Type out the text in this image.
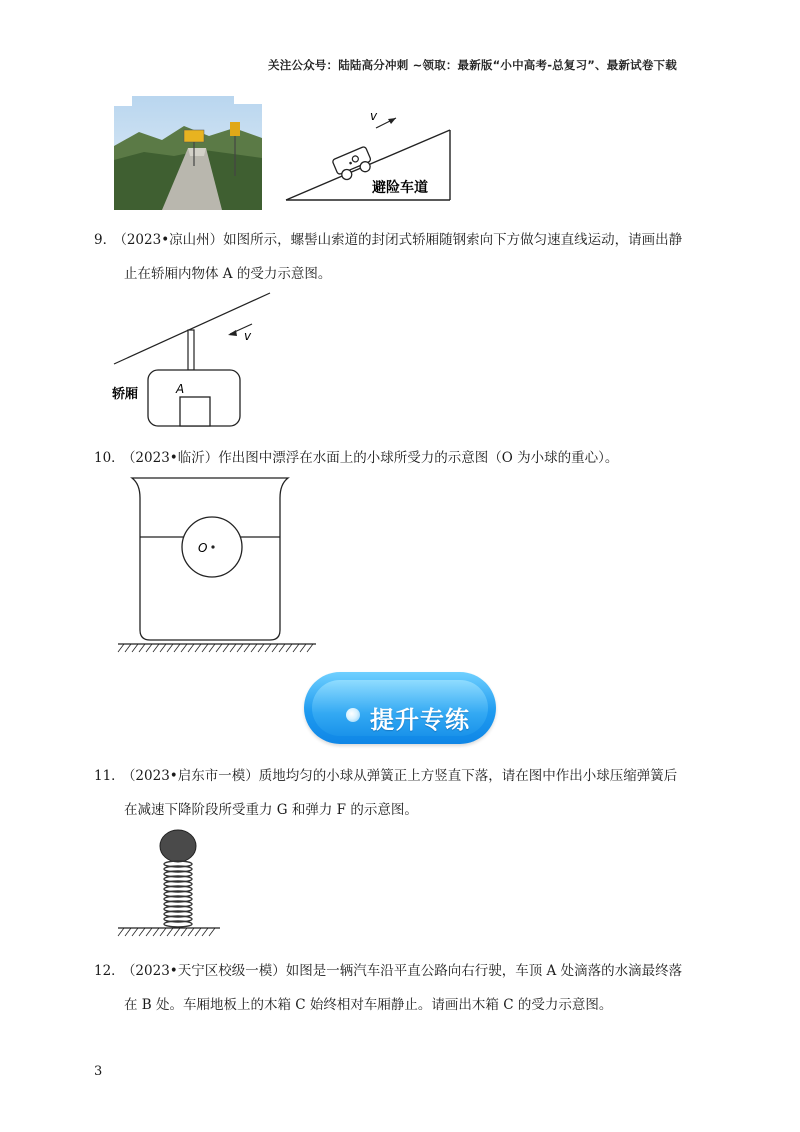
关注公众号：陆陆高分冲刺 ~领取：最新版“小中高考-总复习”、最新试卷下载
v
避险车道
9． （2023•凉山州）如图所示，螺髻山索道的封闭式轿厢随钢索向下方做匀速直线运动，请画出静
止在轿厢内物体 A 的受力示意图。
A
轿厢
v
10． （2023•临沂）作出图中漂浮在水面上的小球所受力的示意图（O 为小球的重心）。
O
提升专练
11． （2023•启东市一模）质地均匀的小球从弹簧正上方竖直下落，请在图中作出小球压缩弹簧后
在减速下降阶段所受重力 G 和弹力 F 的示意图。
12． （2023•天宁区校级一模）如图是一辆汽车沿平直公路向右行驶，车顶 A 处滴落的水滴最终落
在 B 处。车厢地板上的木箱 C 始终相对车厢静止。请画出木箱 C 的受力示意图。
3
